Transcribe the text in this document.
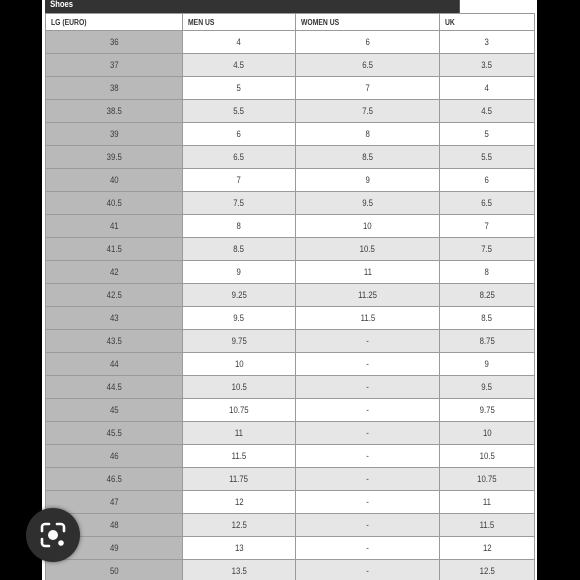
Shoes
LG (EURO)	MEN US	WOMEN US	UK
36	4	6	3
37	4.5	6.5	3.5
38	5	7	4
38.5	5.5	7.5	4.5
39	6	8	5
39.5	6.5	8.5	5.5
40	7	9	6
40.5	7.5	9.5	6.5
41	8	10	7
41.5	8.5	10.5	7.5
42	9	11	8
42.5	9.25	11.25	8.25
43	9.5	11.5	8.5
43.5	9.75	-	8.75
44	10	-	9
44.5	10.5	-	9.5
45	10.75	-	9.75
45.5	11	-	10
46	11.5	-	10.5
46.5	11.75	-	10.75
47	12	-	11
48	12.5	-	11.5
49	13	-	12
50	13.5	-	12.5
